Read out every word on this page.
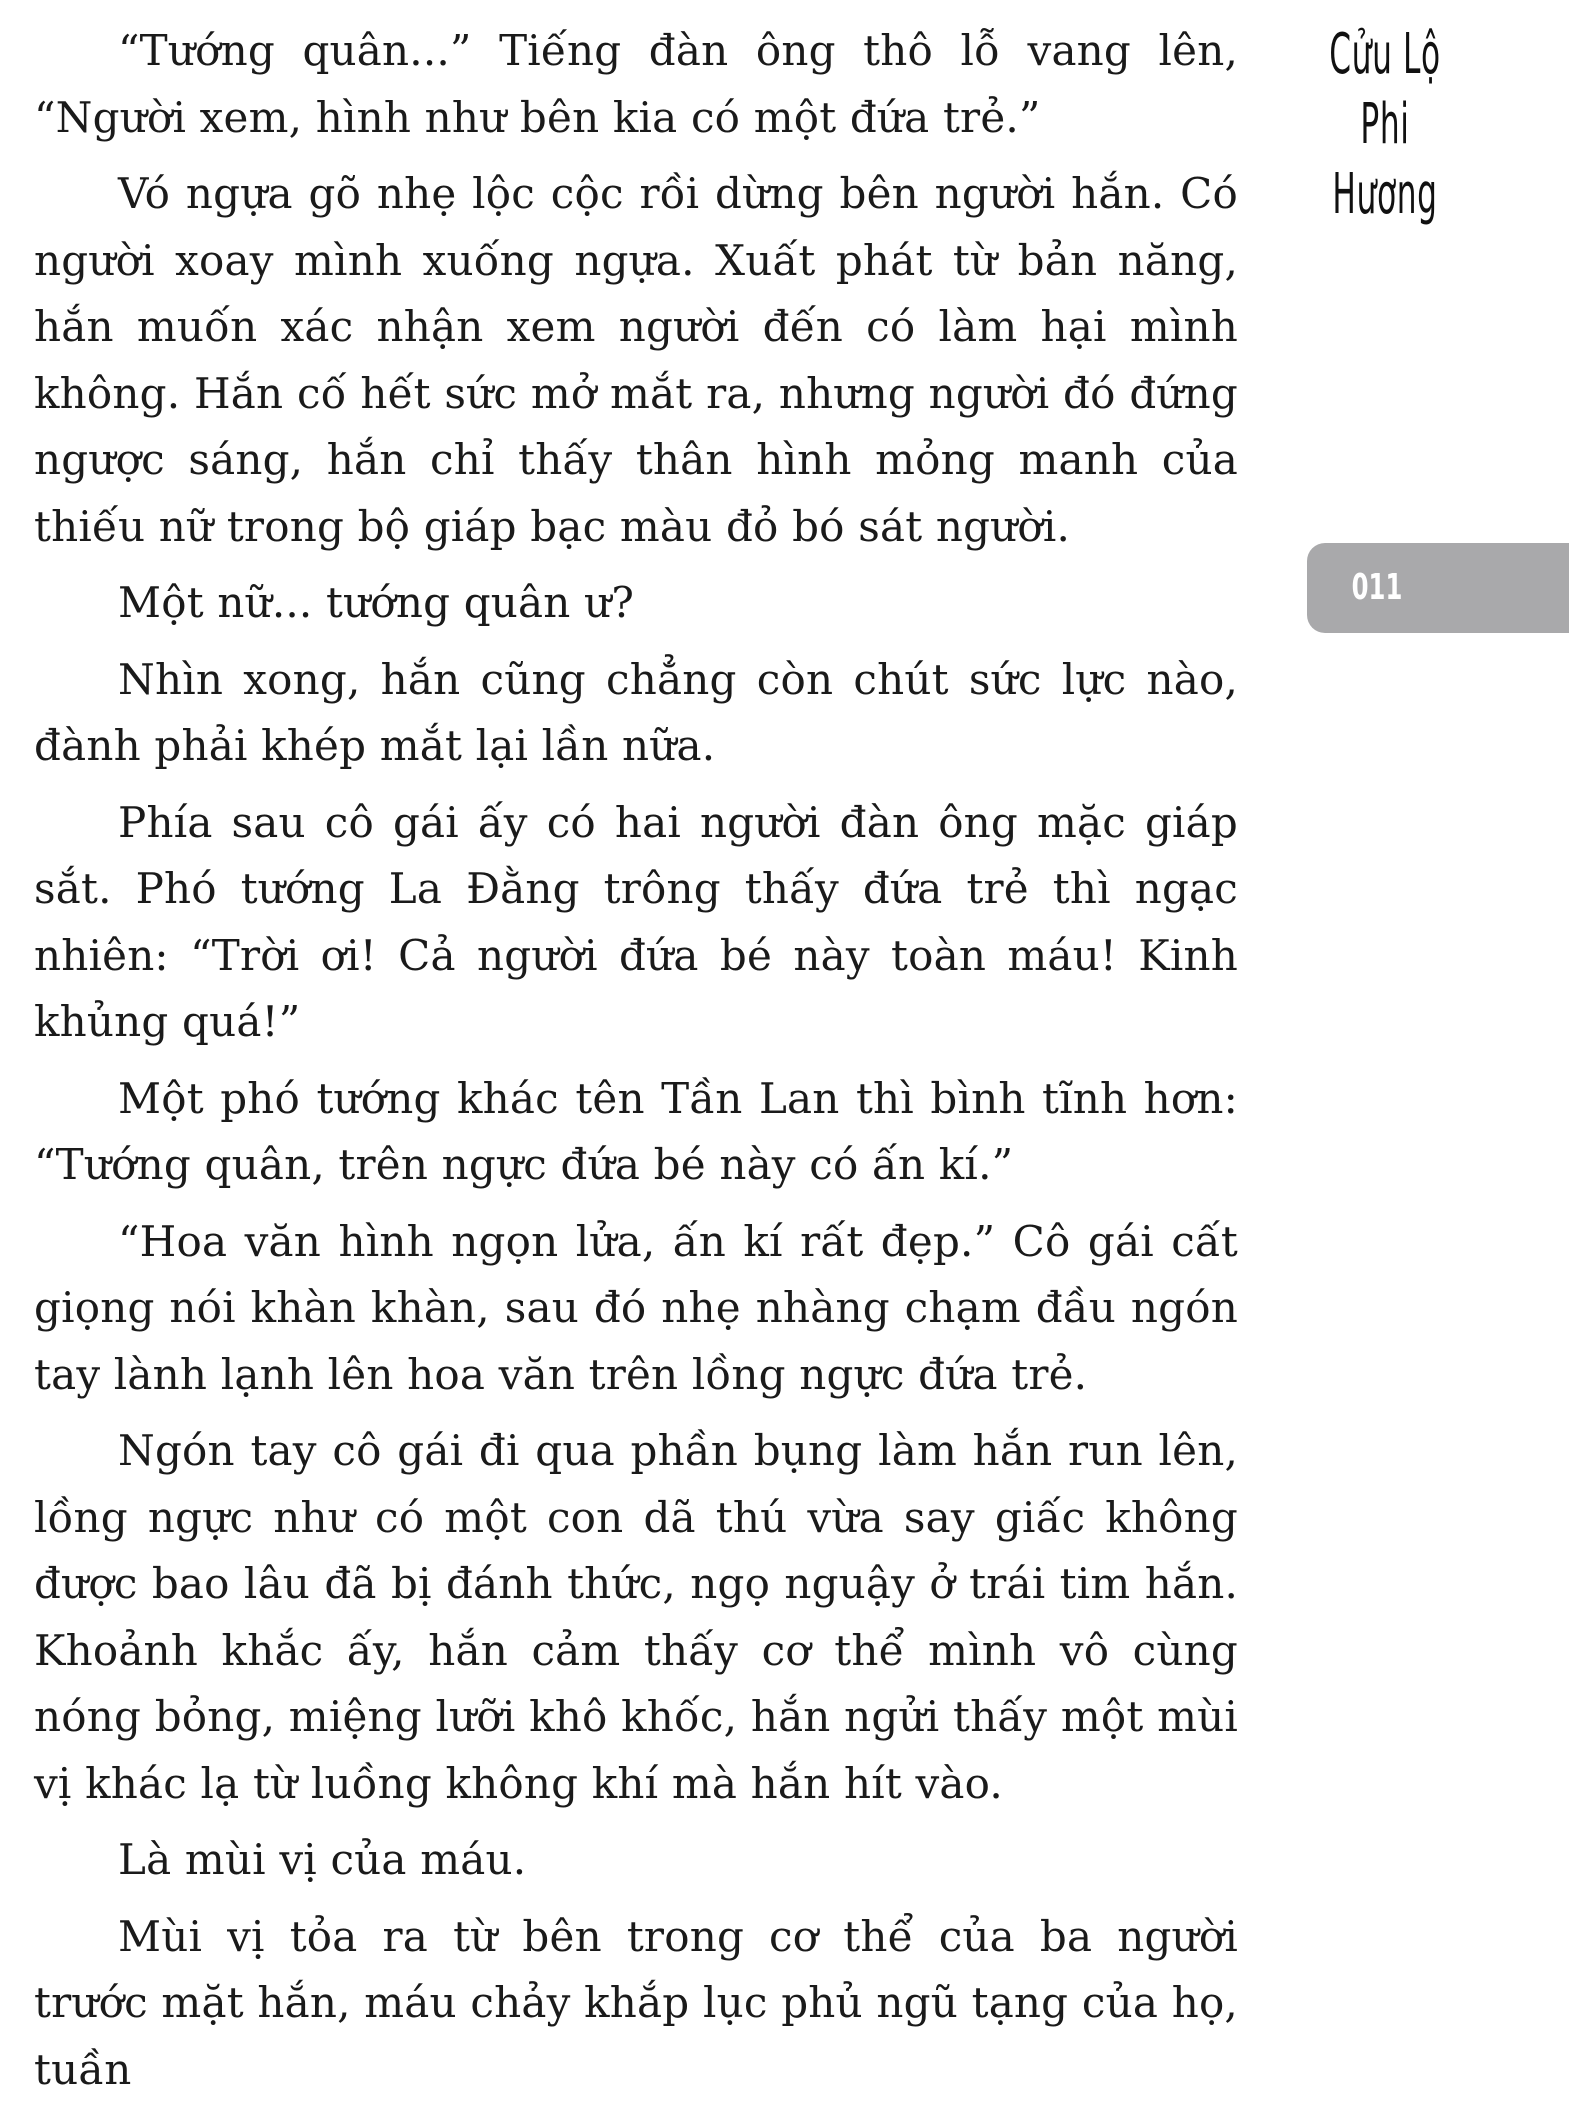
Cửu Lộ
Phi
Hương
011

“Tướng quân...” Tiếng đàn ông thô lỗ vang lên, “Người xem, hình như bên kia có một đứa trẻ.”

Vó ngựa gõ nhẹ lộc cộc rồi dừng bên người hắn. Có người xoay mình xuống ngựa. Xuất phát từ bản năng, hắn muốn xác nhận xem người đến có làm hại mình không. Hắn cố hết sức mở mắt ra, nhưng người đó đứng ngược sáng, hắn chỉ thấy thân hình mỏng manh của thiếu nữ trong bộ giáp bạc màu đỏ bó sát người.

Một nữ... tướng quân ư?

Nhìn xong, hắn cũng chẳng còn chút sức lực nào, đành phải khép mắt lại lần nữa.

Phía sau cô gái ấy có hai người đàn ông mặc giáp sắt. Phó tướng La Đằng trông thấy đứa trẻ thì ngạc nhiên: “Trời ơi! Cả người đứa bé này toàn máu! Kinh khủng quá!”

Một phó tướng khác tên Tần Lan thì bình tĩnh hơn: “Tướng quân, trên ngực đứa bé này có ấn kí.”

“Hoa văn hình ngọn lửa, ấn kí rất đẹp.” Cô gái cất giọng nói khàn khàn, sau đó nhẹ nhàng chạm đầu ngón tay lành lạnh lên hoa văn trên lồng ngực đứa trẻ.

Ngón tay cô gái đi qua phần bụng làm hắn run lên, lồng ngực như có một con dã thú vừa say giấc không được bao lâu đã bị đánh thức, ngọ nguậy ở trái tim hắn. Khoảnh khắc ấy, hắn cảm thấy cơ thể mình vô cùng nóng bỏng, miệng lưỡi khô khốc, hắn ngửi thấy một mùi vị khác lạ từ luồng không khí mà hắn hít vào.

Là mùi vị của máu.

Mùi vị tỏa ra từ bên trong cơ thể của ba người trước mặt hắn, máu chảy khắp lục phủ ngũ tạng của họ, tuần
